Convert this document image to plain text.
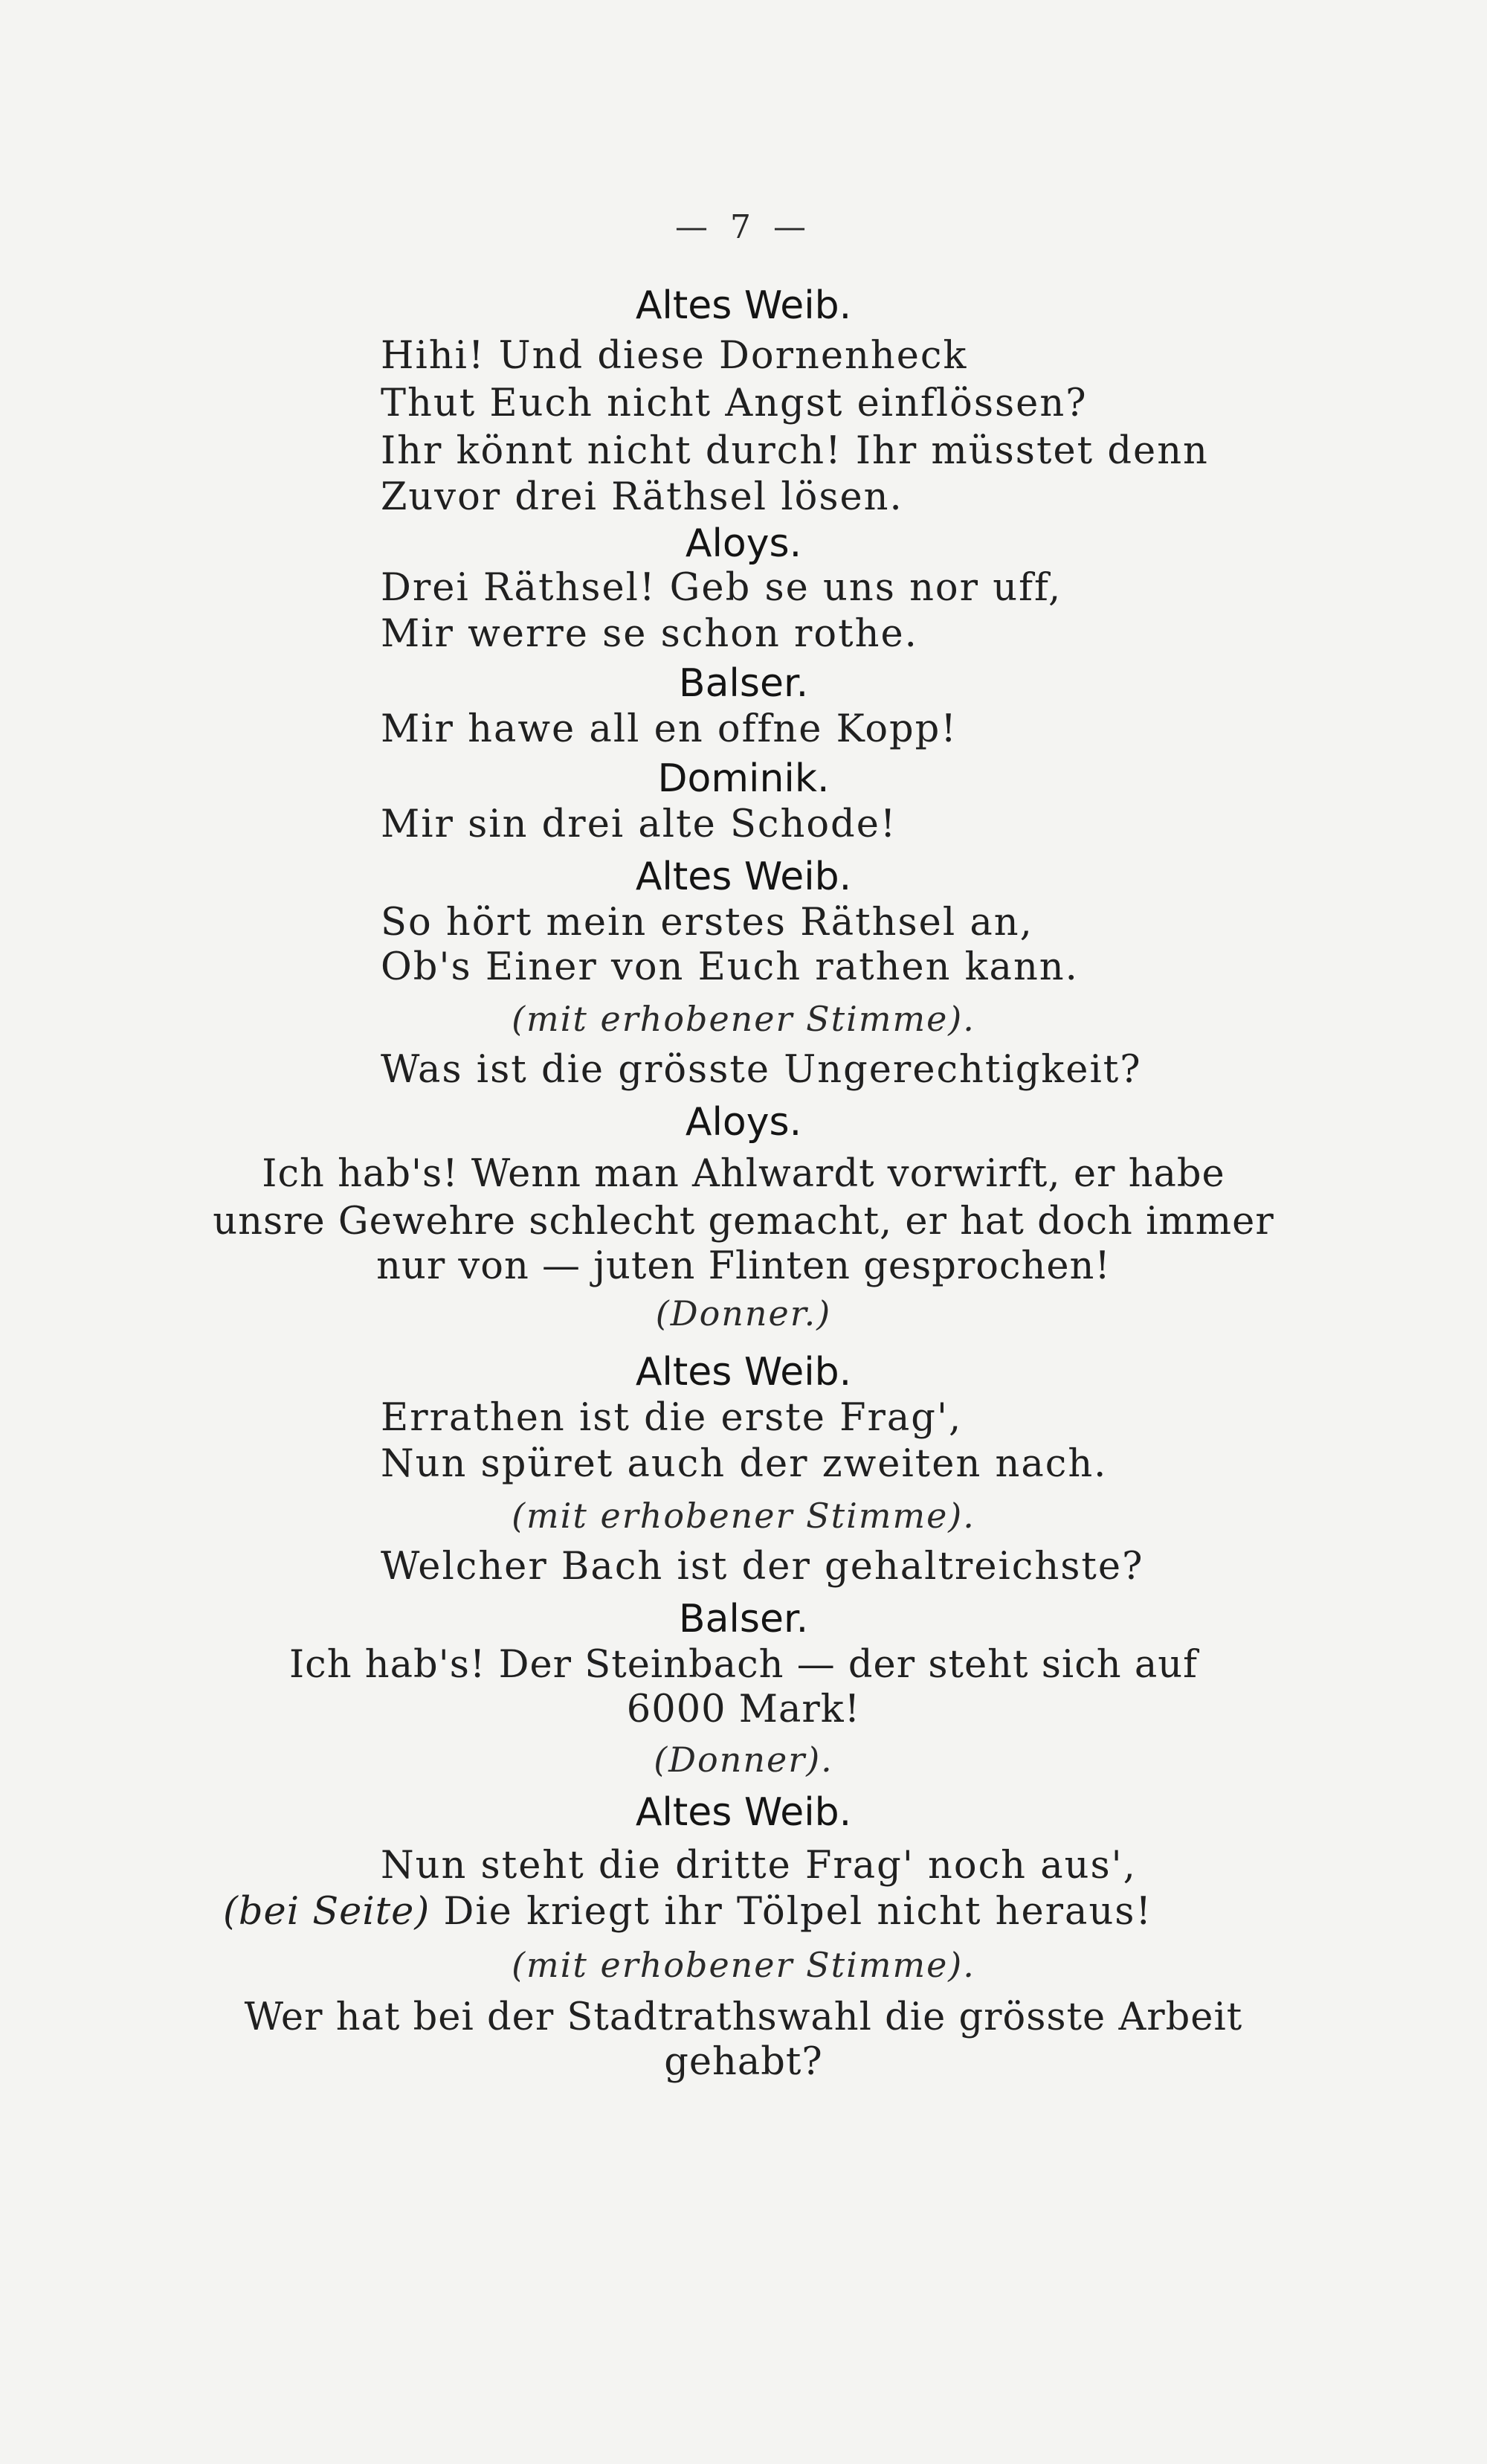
— 7 —
Altes Weib.
Hihi! Und diese Dornenheck
Thut Euch nicht Angst einflössen?
Ihr könnt nicht durch! Ihr müsstet denn
Zuvor drei Räthsel lösen.
Aloys.
Drei Räthsel! Geb se uns nor uff,
Mir werre se schon rothe.
Balser.
Mir hawe all en offne Kopp!
Dominik.
Mir sin drei alte Schode!
Altes Weib.
So hört mein erstes Räthsel an,
Ob's Einer von Euch rathen kann.
(mit erhobener Stimme).
Was ist die grösste Ungerechtigkeit?
Aloys.
Ich hab's! Wenn man Ahlwardt vorwirft, er habe
unsre Gewehre schlecht gemacht, er hat doch immer
nur von — juten Flinten gesprochen!
(Donner.)
Altes Weib.
Errathen ist die erste Frag',
Nun spüret auch der zweiten nach.
(mit erhobener Stimme).
Welcher Bach ist der gehaltreichste?
Balser.
Ich hab's! Der Steinbach — der steht sich auf
6000 Mark!
(Donner).
Altes Weib.
Nun steht die dritte Frag' noch aus',
(bei Seite) Die kriegt ihr Tölpel nicht heraus!
(mit erhobener Stimme).
Wer hat bei der Stadtrathswahl die grösste Arbeit
gehabt?
